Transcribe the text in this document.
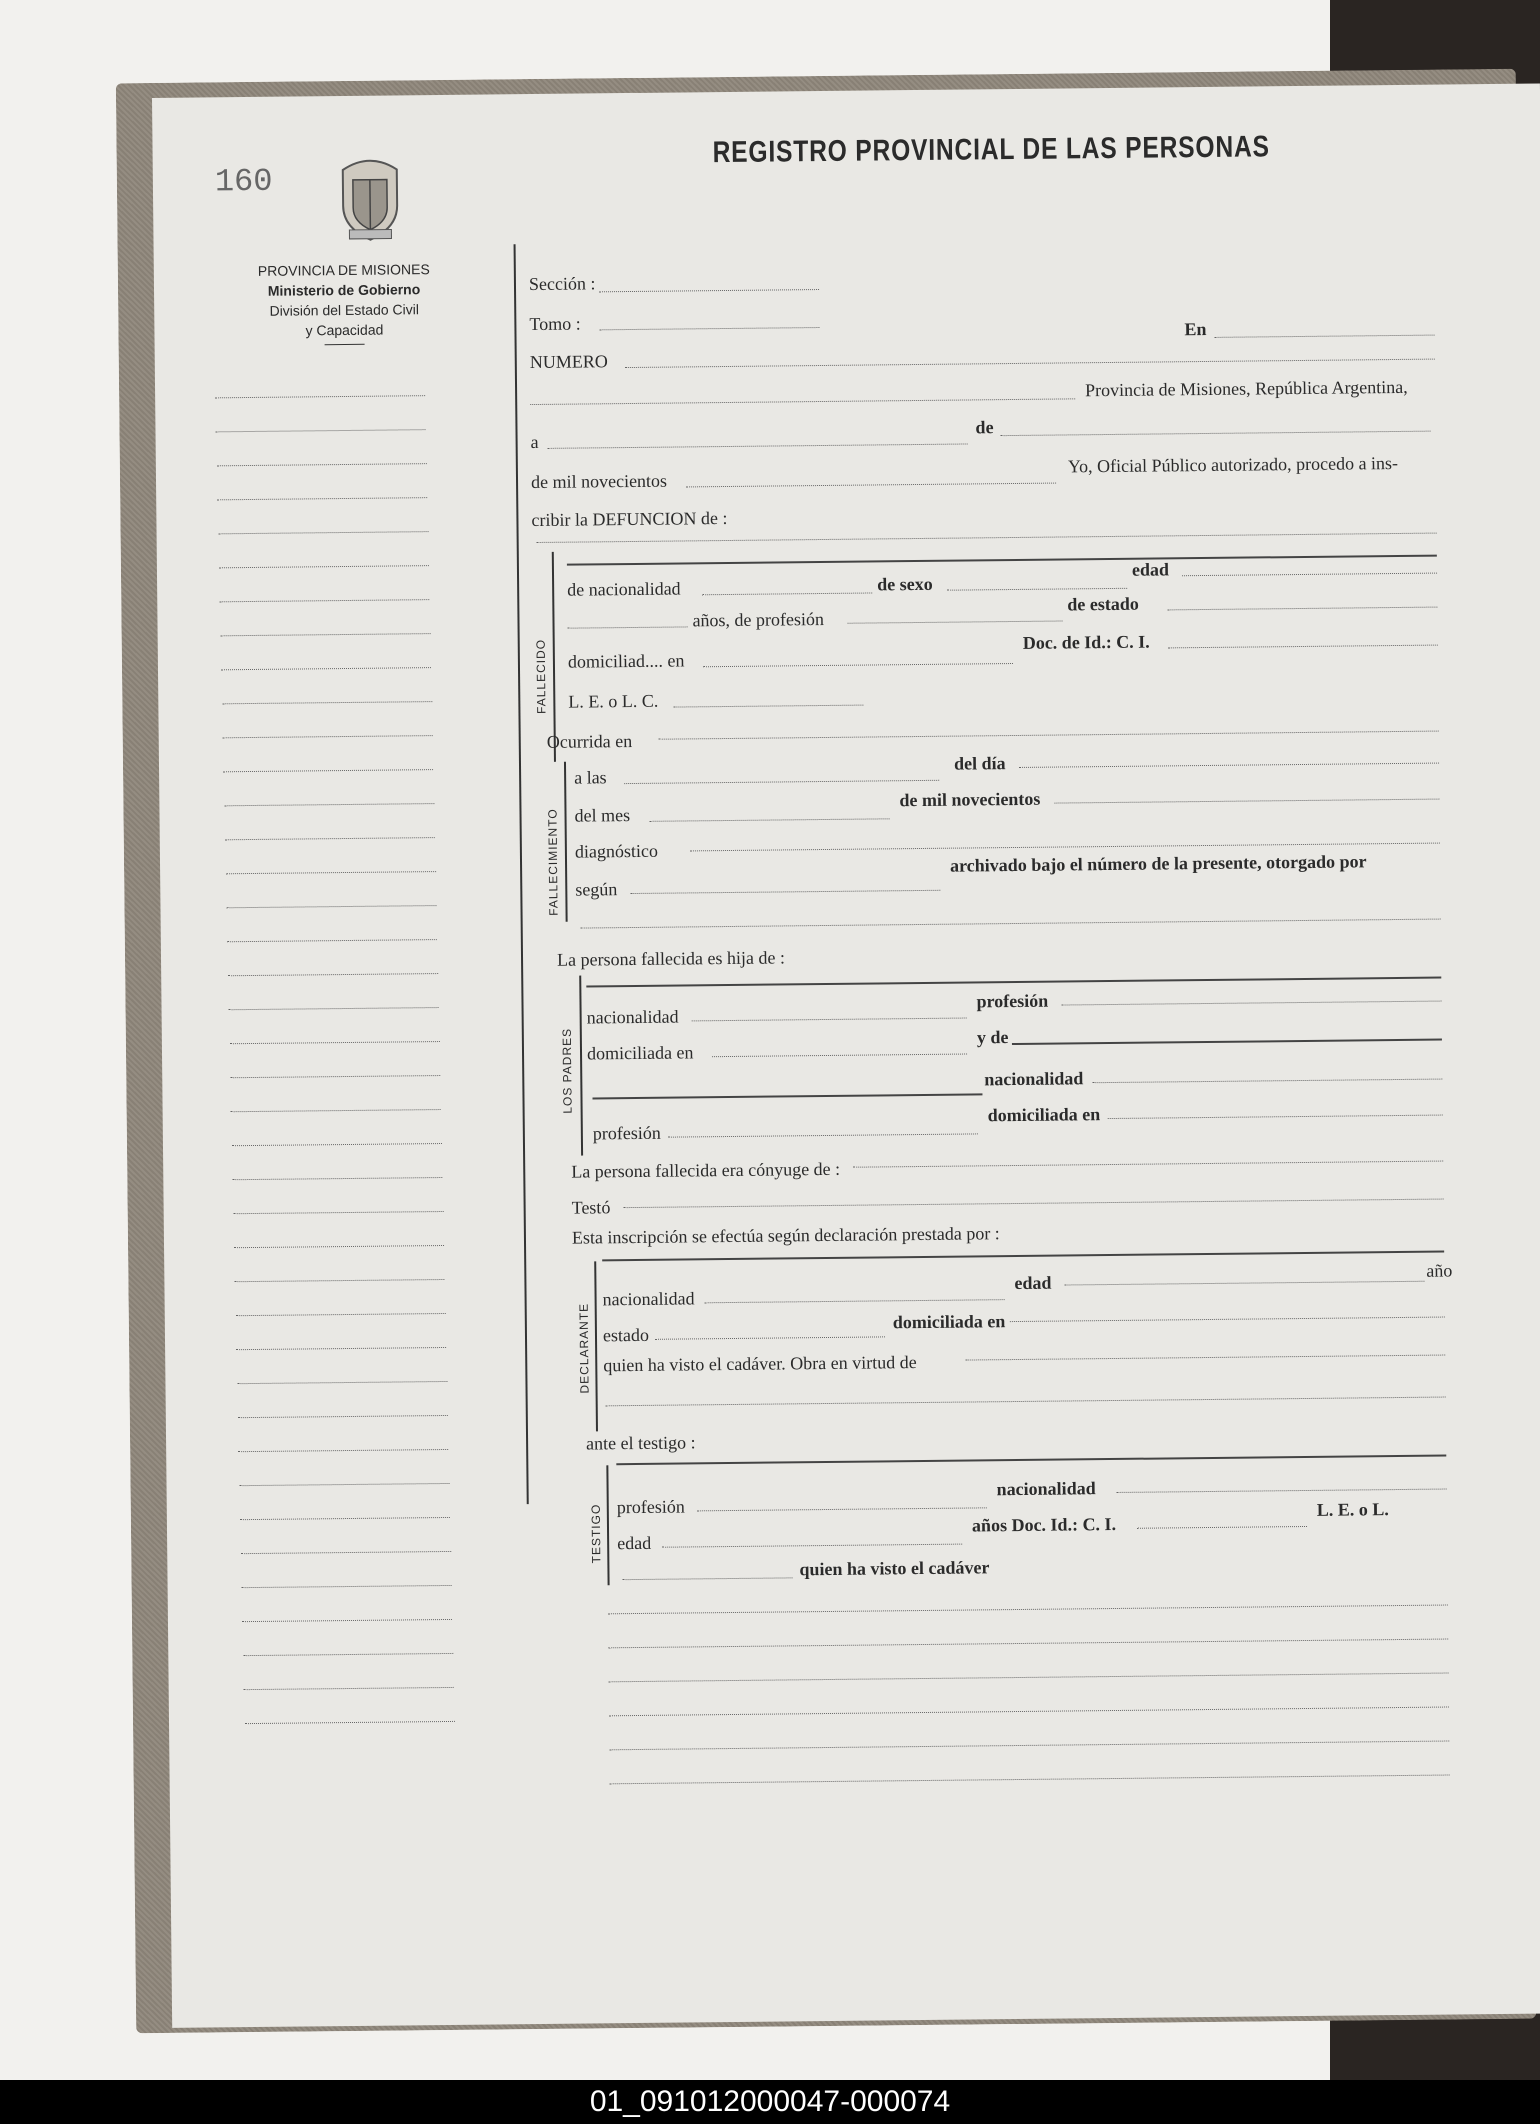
160
REGISTRO PROVINCIAL DE LAS PERSONAS
PROVINCIA DE MISIONES
Ministerio de Gobierno
División del Estado Civil
y Capacidad
Sección :
Tomo :	En
NUMERO
Provincia de Misiones, República Argentina,
a
de
de mil novecientos
Yo, Oficial Público autorizado, procedo a ins-
cribir la DEFUNCION de :
FALLECIDO
de nacionalidad	de sexo
edad
años, de profesión
de estado
domiciliad.... en
Doc. de Id.: C. I.
L. E. o L. C.
Ocurrida en
FALLECIMIENTO
a las
del día
del mes
de mil novecientos
diagnóstico
según
archivado bajo el número de la presente, otorgado por
La persona fallecida es hija de :
LOS PADRES
nacionalidad
profesión
domiciliada en
y de
nacionalidad
profesión
domiciliada en
La persona fallecida era cónyuge de :
Testó
Esta inscripción se efectúa según declaración prestada por :
DECLARANTE
nacionalidad
edad
año
estado
domiciliada en
quien ha visto el cadáver. Obra en virtud de
ante el testigo :
TESTIGO profesión
nacionalidad
edad
años Doc. Id.: C. I.
L. E. o L.
quien ha visto el cadáver
01_091012000047-000074
